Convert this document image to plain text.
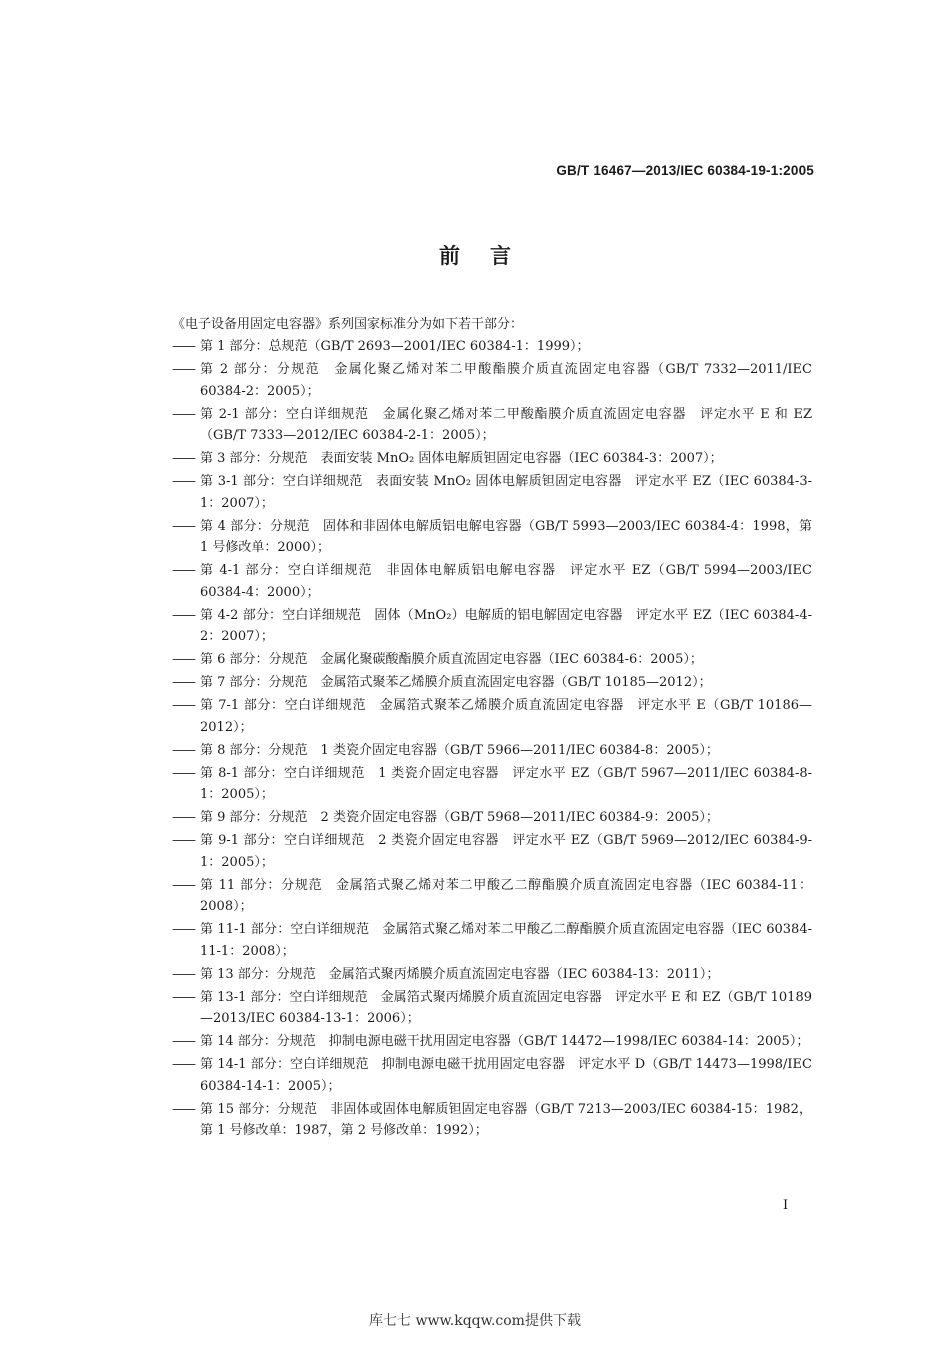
GB/T 16467—2013/IEC 60384-19-1:2005
前言
《电子设备用固定电容器》系列国家标准分为如下若干部分：
—— 第 1 部分：总规范（GB/T 2693—2001/IEC 60384-1：1999）；
—— 第 2 部分：分规范　金属化聚乙烯对苯二甲酸酯膜介质直流固定电容器（GB/T 7332—2011/IEC 60384-2：2005）；
—— 第 2-1 部分：空白详细规范　金属化聚乙烯对苯二甲酸酯膜介质直流固定电容器　评定水平 E 和 EZ（GB/T 7333—2012/IEC 60384-2-1：2005）；
—— 第 3 部分：分规范　表面安装 MnO₂ 固体电解质钽固定电容器（IEC 60384-3：2007）；
—— 第 3-1 部分：空白详细规范　表面安装 MnO₂ 固体电解质钽固定电容器　评定水平 EZ（IEC 60384-3-1：2007）；
—— 第 4 部分：分规范　固体和非固体电解质铝电解电容器（GB/T 5993—2003/IEC 60384-4：1998，第 1 号修改单：2000）；
—— 第 4-1 部分：空白详细规范　非固体电解质铝电解电容器　评定水平 EZ（GB/T 5994—2003/IEC 60384-4：2000）；
—— 第 4-2 部分：空白详细规范　固体（MnO₂）电解质的铝电解固定电容器　评定水平 EZ（IEC 60384-4-2：2007）；
—— 第 6 部分：分规范　金属化聚碳酸酯膜介质直流固定电容器（IEC 60384-6：2005）；
—— 第 7 部分：分规范　金属箔式聚苯乙烯膜介质直流固定电容器（GB/T 10185—2012）；
—— 第 7-1 部分：空白详细规范　金属箔式聚苯乙烯膜介质直流固定电容器　评定水平 E（GB/T 10186—2012）；
—— 第 8 部分：分规范　1 类瓷介固定电容器（GB/T 5966—2011/IEC 60384-8：2005）；
—— 第 8-1 部分：空白详细规范　1 类瓷介固定电容器　评定水平 EZ（GB/T 5967—2011/IEC 60384-8-1：2005）；
—— 第 9 部分：分规范　2 类瓷介固定电容器（GB/T 5968—2011/IEC 60384-9：2005）；
—— 第 9-1 部分：空白详细规范　2 类瓷介固定电容器　评定水平 EZ（GB/T 5969—2012/IEC 60384-9-1：2005）；
—— 第 11 部分：分规范　金属箔式聚乙烯对苯二甲酸乙二醇酯膜介质直流固定电容器（IEC 60384-11：2008）；
—— 第 11-1 部分：空白详细规范　金属箔式聚乙烯对苯二甲酸乙二醇酯膜介质直流固定电容器（IEC 60384-11-1：2008）；
—— 第 13 部分：分规范　金属箔式聚丙烯膜介质直流固定电容器（IEC 60384-13：2011）；
—— 第 13-1 部分：空白详细规范　金属箔式聚丙烯膜介质直流固定电容器　评定水平 E 和 EZ（GB/T 10189—2013/IEC 60384-13-1：2006）；
—— 第 14 部分：分规范　抑制电源电磁干扰用固定电容器（GB/T 14472—1998/IEC 60384-14：2005）；
—— 第 14-1 部分：空白详细规范　抑制电源电磁干扰用固定电容器　评定水平 D（GB/T 14473—1998/IEC 60384-14-1：2005）；
—— 第 15 部分：分规范　非固体或固体电解质钽固定电容器（GB/T 7213—2003/IEC 60384-15：1982，第 1 号修改单：1987，第 2 号修改单：1992）；
I
库七七 www.kqqw.com提供下载
